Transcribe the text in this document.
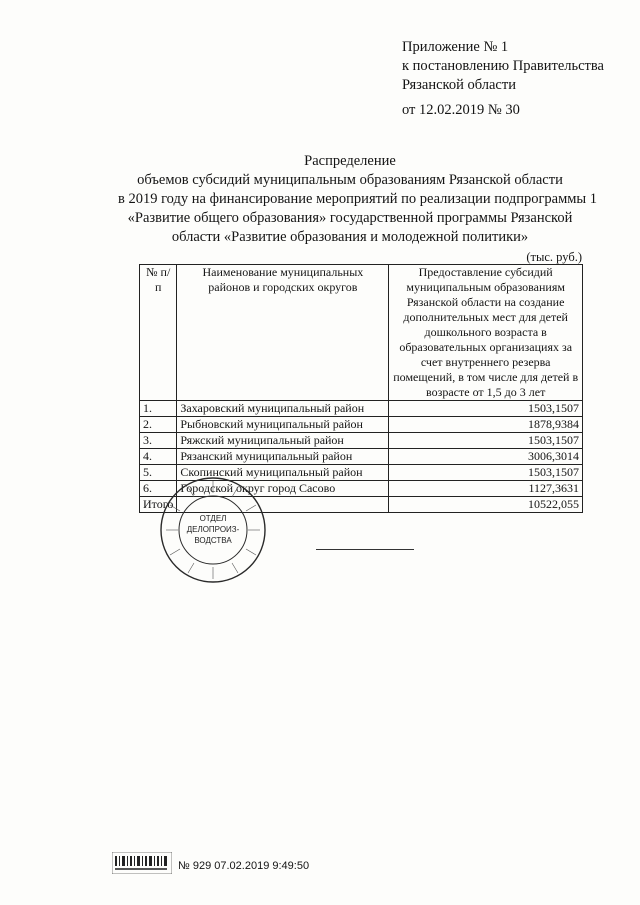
Приложение № 1
к постановлению Правительства
Рязанской области
от 12.02.2019 № 30
Распределение
объемов субсидий муниципальным образованиям Рязанской области
в 2019 году на финансирование мероприятий по реализации подпрограммы 1
«Развитие общего образования» государственной программы Рязанской
области «Развитие образования и молодежной политики»
(тыс. руб.)
№ п/п	Наименование муниципальных районов и городских округов	Предоставление субсидий муниципальным образованиям Рязанской области на создание дополнительных мест для детей дошкольного возраста в образовательных организациях за счет внутреннего резерва помещений, в том числе для детей в возрасте от 1,5 до 3 лет
1.	Захаровский муниципальный район	1503,1507
2.	Рыбновский муниципальный район	1878,9384
3.	Ряжский муниципальный район	1503,1507
4.	Рязанский муниципальный район	3006,3014
5.	Скопинский муниципальный район	1503,1507
6.	Городской округ город Сасово	1127,3631
Итого		10522,055
ОТДЕЛ
ДЕЛОПРОИЗ-
ВОДСТВА
№ 929 07.02.2019 9:49:50
